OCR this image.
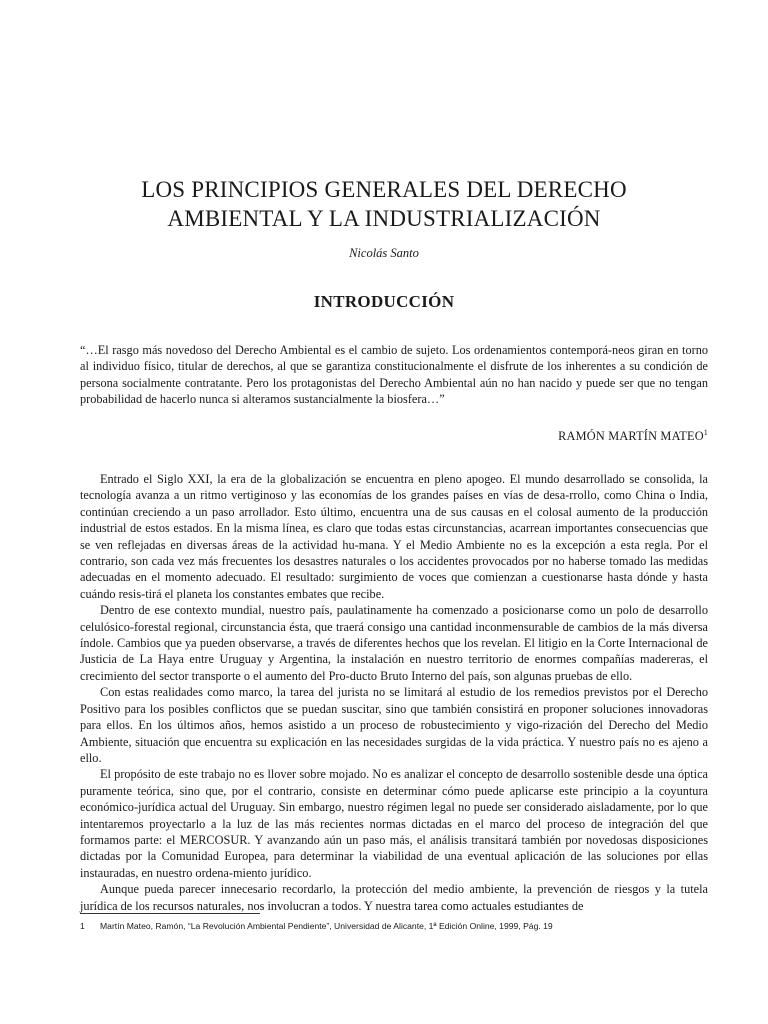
LOS PRINCIPIOS GENERALES DEL DERECHO
AMBIENTAL Y LA INDUSTRIALIZACIÓN
Nicolás Santo
INTRODUCCIÓN

“…El rasgo más novedoso del Derecho Ambiental es el cambio de sujeto. Los ordenamientos contemporá-neos giran en torno al individuo físico, titular de derechos, al que se garantiza constitucionalmente el disfrute de los inherentes a su condición de persona socialmente contratante. Pero los protagonistas del Derecho Ambiental aún no han nacido y puede ser que no tengan probabilidad de hacerlo nunca si alteramos sustancialmente la biosfera…”

RAMÓN MARTÍN MATEO$^1$

Entrado el Siglo XXI, la era de la globalización se encuentra en pleno apogeo. El mundo desarrollado se consolida, la tecnología avanza a un ritmo vertiginoso y las economías de los grandes países en vías de desa-rrollo, como China o India, continúan creciendo a un paso arrollador. Esto último, encuentra una de sus causas en el colosal aumento de la producción industrial de estos estados. En la misma línea, es claro que todas estas circunstancias, acarrean importantes consecuencias que se ven reflejadas en diversas áreas de la actividad hu-mana. Y el Medio Ambiente no es la excepción a esta regla. Por el contrario, son cada vez más frecuentes los desastres naturales o los accidentes provocados por no haberse tomado las medidas adecuadas en el momento adecuado. El resultado: surgimiento de voces que comienzan a cuestionarse hasta dónde y hasta cuándo resis-tirá el planeta los constantes embates que recibe.

Dentro de ese contexto mundial, nuestro país, paulatinamente ha comenzado a posicionarse como un polo de desarrollo celulósico-forestal regional, circunstancia ésta, que traerá consigo una cantidad inconmensurable de cambios de la más diversa índole. Cambios que ya pueden observarse, a través de diferentes hechos que los revelan. El litigio en la Corte Internacional de Justicia de La Haya entre Uruguay y Argentina, la instalación en nuestro territorio de enormes compañías madereras, el crecimiento del sector transporte o el aumento del Pro-ducto Bruto Interno del país, son algunas pruebas de ello.

Con estas realidades como marco, la tarea del jurista no se limitará al estudio de los remedios previstos por el Derecho Positivo para los posibles conflictos que se puedan suscitar, sino que también consistirá en proponer soluciones innovadoras para ellos. En los últimos años, hemos asistido a un proceso de robustecimiento y vigo-rización del Derecho del Medio Ambiente, situación que encuentra su explicación en las necesidades surgidas de la vida práctica. Y nuestro país no es ajeno a ello.

El propósito de este trabajo no es llover sobre mojado. No es analizar el concepto de desarrollo sostenible desde una óptica puramente teórica, sino que, por el contrario, consiste en determinar cómo puede aplicarse este principio a la coyuntura económico-jurídica actual del Uruguay. Sin embargo, nuestro régimen legal no puede ser considerado aisladamente, por lo que intentaremos proyectarlo a la luz de las más recientes normas dictadas en el marco del proceso de integración del que formamos parte: el MERCOSUR. Y avanzando aún un paso más, el análisis transitará también por novedosas disposiciones dictadas por la Comunidad Europea, para determinar la viabilidad de una eventual aplicación de las soluciones por ellas instauradas, en nuestro ordena-miento jurídico.

Aunque pueda parecer innecesario recordarlo, la protección del medio ambiente, la prevención de riesgos y la tutela jurídica de los recursos naturales, nos involucran a todos. Y nuestra tarea como actuales estudiantes de

1 Martín Mateo, Ramón, “La Revolución Ambiental Pendiente”, Universidad de Alicante, 1ª Edición Online, 1999, Pág. 19
